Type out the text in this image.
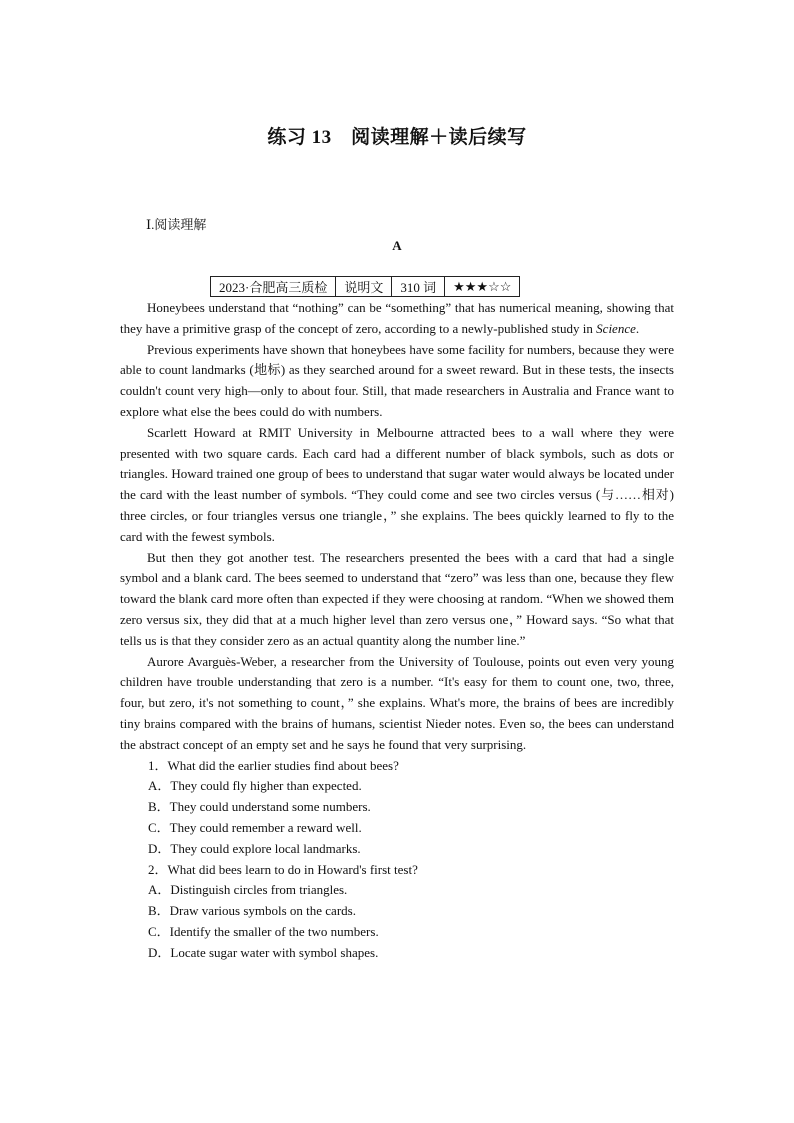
练习 13　阅读理解＋读后续写
Ⅰ.阅读理解
A
2023·合肥高三质检	说明文	310 词	★★★☆☆

Honeybees understand that “nothing” can be “something” that has numerical meaning, showing that they have a primitive grasp of the concept of zero, according to a newly-published study in Science.

Previous experiments have shown that honeybees have some facility for numbers, because they were able to count landmarks (地标) as they searched around for a sweet reward. But in these tests, the insects couldn't count very high—only to about four. Still, that made researchers in Australia and France want to explore what else the bees could do with numbers.

Scarlett Howard at RMIT University in Melbourne attracted bees to a wall where they were presented with two square cards. Each card had a different number of black symbols, such as dots or triangles. Howard trained one group of bees to understand that sugar water would always be located under the card with the least number of symbols. “They could come and see two circles versus (与……相对) three circles, or four triangles versus one triangle，” she explains. The bees quickly learned to fly to the card with the fewest symbols.

But then they got another test. The researchers presented the bees with a card that had a single symbol and a blank card. The bees seemed to understand that “zero” was less than one, because they flew toward the blank card more often than expected if they were choosing at random. “When we showed them zero versus six, they did that at a much higher level than zero versus one，” Howard says. “So what that tells us is that they consider zero as an actual quantity along the number line.”

Aurore Avarguès-Weber, a researcher from the University of Toulouse, points out even very young children have trouble understanding that zero is a number. “It's easy for them to count one, two, three, four, but zero, it's not something to count，” she explains. What's more, the brains of bees are incredibly tiny brains compared with the brains of humans, scientist Nieder notes. Even so, the bees can understand the abstract concept of an empty set and he says he found that very surprising.

1．What did the earlier studies find about bees?
A．They could fly higher than expected.
B．They could understand some numbers.
C．They could remember a reward well.
D．They could explore local landmarks.
2．What did bees learn to do in Howard's first test?
A．Distinguish circles from triangles.
B．Draw various symbols on the cards.
C．Identify the smaller of the two numbers.
D．Locate sugar water with symbol shapes.
